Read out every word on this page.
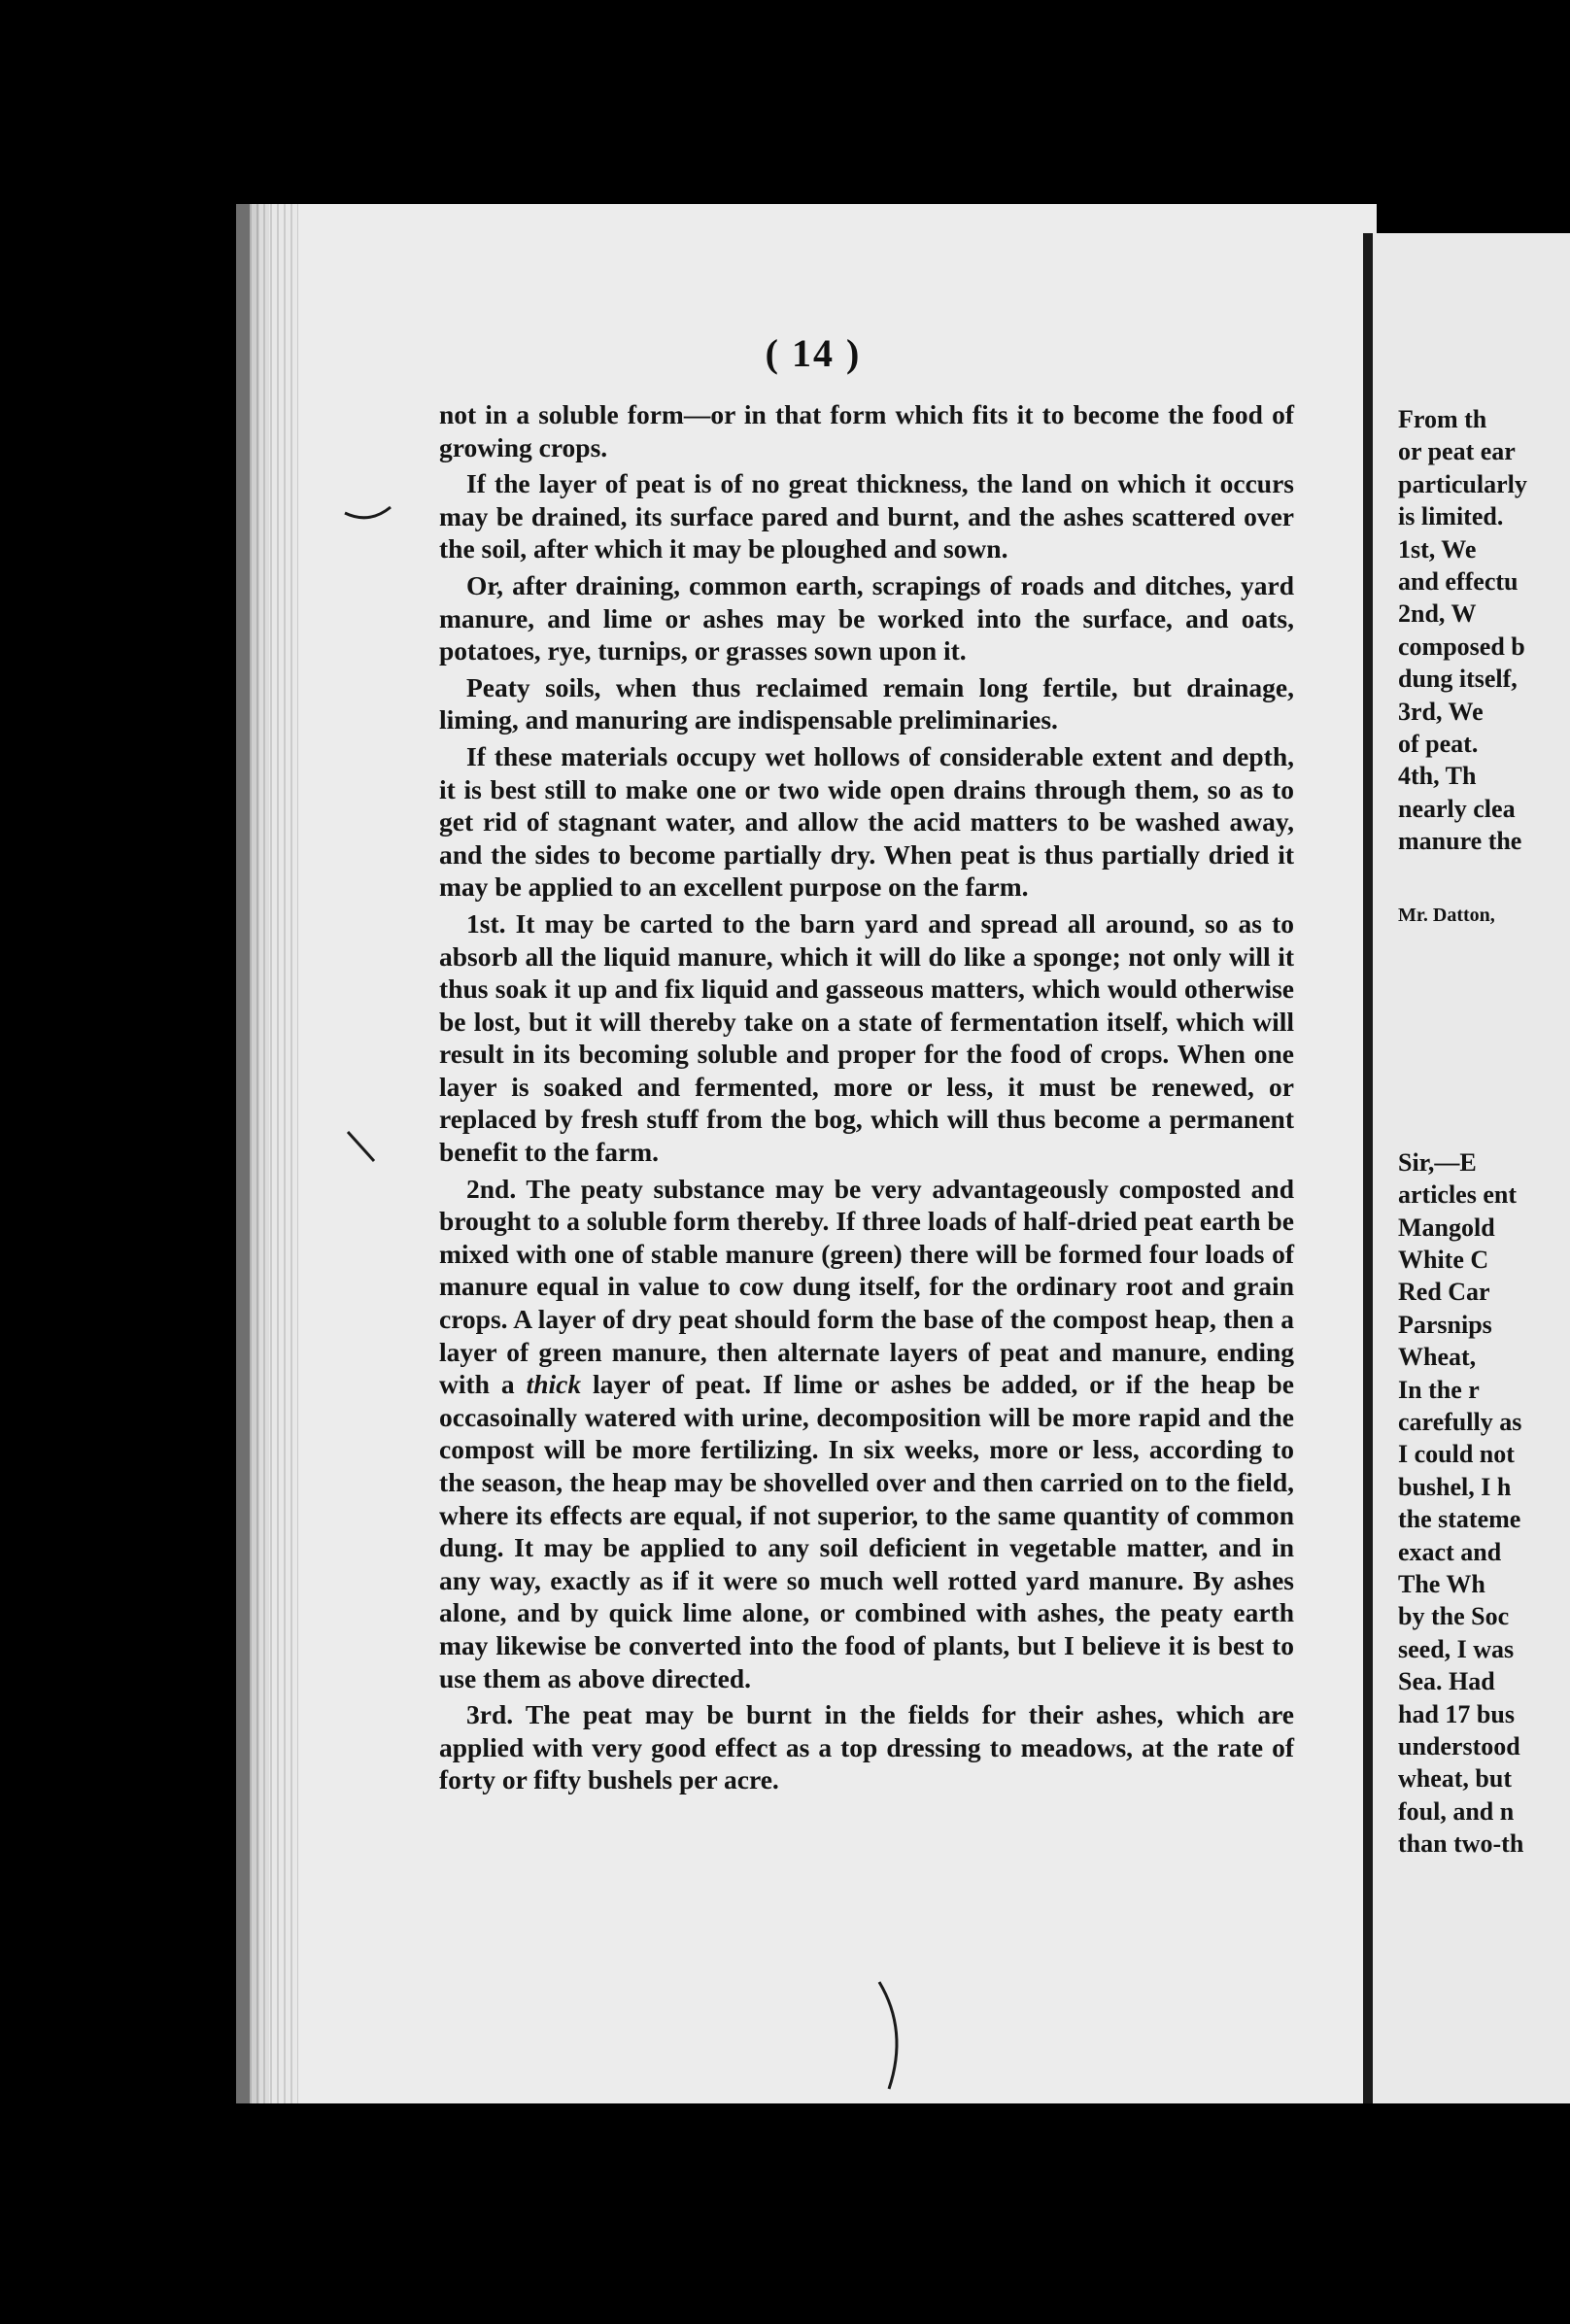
( 14 )

not in a soluble form—or in that form which fits it to become the food of growing crops.

If the layer of peat is of no great thickness, the land on which it occurs may be drained, its surface pared and burnt, and the ashes scattered over the soil, after which it may be ploughed and sown.

Or, after draining, common earth, scrapings of roads and ditches, yard manure, and lime or ashes may be worked into the surface, and oats, potatoes, rye, turnips, or grasses sown upon it.

Peaty soils, when thus reclaimed remain long fertile, but drainage, liming, and manuring are indispensable preliminaries.

If these materials occupy wet hollows of considerable extent and depth, it is best still to make one or two wide open drains through them, so as to get rid of stagnant water, and allow the acid matters to be washed away, and the sides to become partially dry. When peat is thus partially dried it may be applied to an excellent purpose on the farm.

1st. It may be carted to the barn yard and spread all around, so as to absorb all the liquid manure, which it will do like a sponge; not only will it thus soak it up and fix liquid and gasseous matters, which would otherwise be lost, but it will thereby take on a state of fermentation itself, which will result in its becoming soluble and proper for the food of crops. When one layer is soaked and fermented, more or less, it must be renewed, or replaced by fresh stuff from the bog, which will thus become a permanent benefit to the farm.

2nd. The peaty substance may be very advantageously composted and brought to a soluble form thereby. If three loads of half-dried peat earth be mixed with one of stable manure (green) there will be formed four loads of manure equal in value to cow dung itself, for the ordinary root and grain crops. A layer of dry peat should form the base of the compost heap, then a layer of green manure, then alternate layers of peat and manure, ending with a thick layer of peat. If lime or ashes be added, or if the heap be occasoinally watered with urine, decomposition will be more rapid and the compost will be more fertilizing. In six weeks, more or less, according to the season, the heap may be shovelled over and then carried on to the field, where its effects are equal, if not superior, to the same quantity of common dung. It may be applied to any soil deficient in vegetable matter, and in any way, exactly as if it were so much well rotted yard manure. By ashes alone, and by quick lime alone, or combined with ashes, the peaty earth may likewise be converted into the food of plants, but I believe it is best to use them as above directed.

3rd. The peat may be burnt in the fields for their ashes, which are applied with very good effect as a top dressing to meadows, at the rate of forty or fifty bushels per acre.

From th
or peat ear
particularly
is limited.
1st, We
and effectu
2nd, W
composed b
dung itself,
3rd, We
of peat.
4th, Th
nearly clea
manure the
Mr. Datton,
Sir,—E
articles ent
Mangold
White C
Red Car
Parsnips
Wheat,
In the r
carefully as
I could not
bushel, I h
the stateme
exact and
The Wh
by the Soc
seed, I was
Sea. Had
had 17 bus
understood
wheat, but
foul, and n
than two-th
